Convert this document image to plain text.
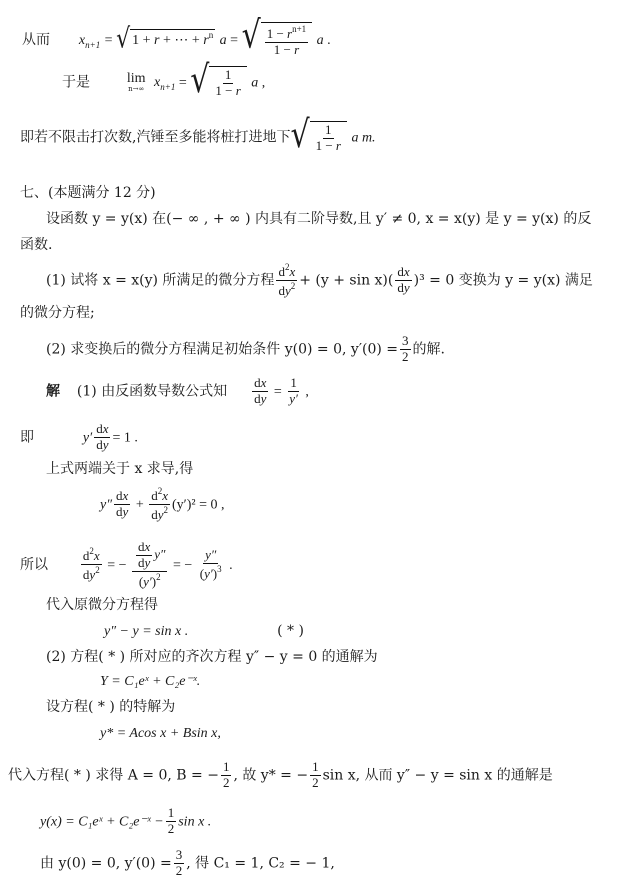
从而 $x_{n+1}$ = √ 1 + r + ⋯ + $r^n$ a = √ $\frac{1 - r^{n+1}}{1 - r}$ a .
于是	lim
n→∞ $x_{n+1}$ = √ $\frac{1}{1 - r}$ a ,
即若不限击打次数,汽锤至多能将桩打进地下 √ $\frac{1}{1 - r}$ a m.
七、(本题满分 12 分)
设函数 y = y(x) 在(− ∞ , + ∞ ) 内具有二阶导数,且 y′ ≠ 0, x = x(y) 是 y = y(x) 的反
函数.
(1) 试将 x = x(y) 所满足的微分方程 $\frac{d^2x}{dy^2} + (y + \sin x)( \frac{dx}{dy} )^3 = 0$ 变换为 y = y(x) 满足
的微分方程;
(2) 求变换后的微分方程满足初始条件 y(0) = 0, $y'(0) = \frac{3}{2}$ 的解.
解 (1) 由反函数导数公式知 $\frac{dx}{dy} = \frac{1}{y'}$ ,
即	$y' \frac{dx}{dy} = 1$ .
上式两端关于 x 求导,得
$y'' \frac{dx}{dy} + \frac{d^2x}{dy^2} (y')^2 = 0$ ,
所以	$\frac{d^2x}{dy^2}$ = − $\frac{\frac{dx}{dy} y''}{(y')^2}$ = − $\frac{y''}{(y')^3}$ .
代入原微分方程得
y″ − y = sin x .	( * )
(2) 方程( * ) 所对应的齐次方程 y″ − y = 0 的通解为
Y = C₁eˣ + C₂e⁻ˣ.
设方程( * ) 的特解为
y* = Acos x + Bsin x,
代入方程( * ) 求得 A = 0, B = − $\frac{1}{2}$ , 故 y* = − $\frac{1}{2}$ sin x, 从而 y″ − y = sin x 的通解是
y(x) = C₁eˣ + C₂e⁻ˣ − $\frac{1}{2}$ sin x .
由 y(0) = 0, $y'(0) = \frac{3}{2}$ , 得 C₁ = 1, C₂ = − 1,
